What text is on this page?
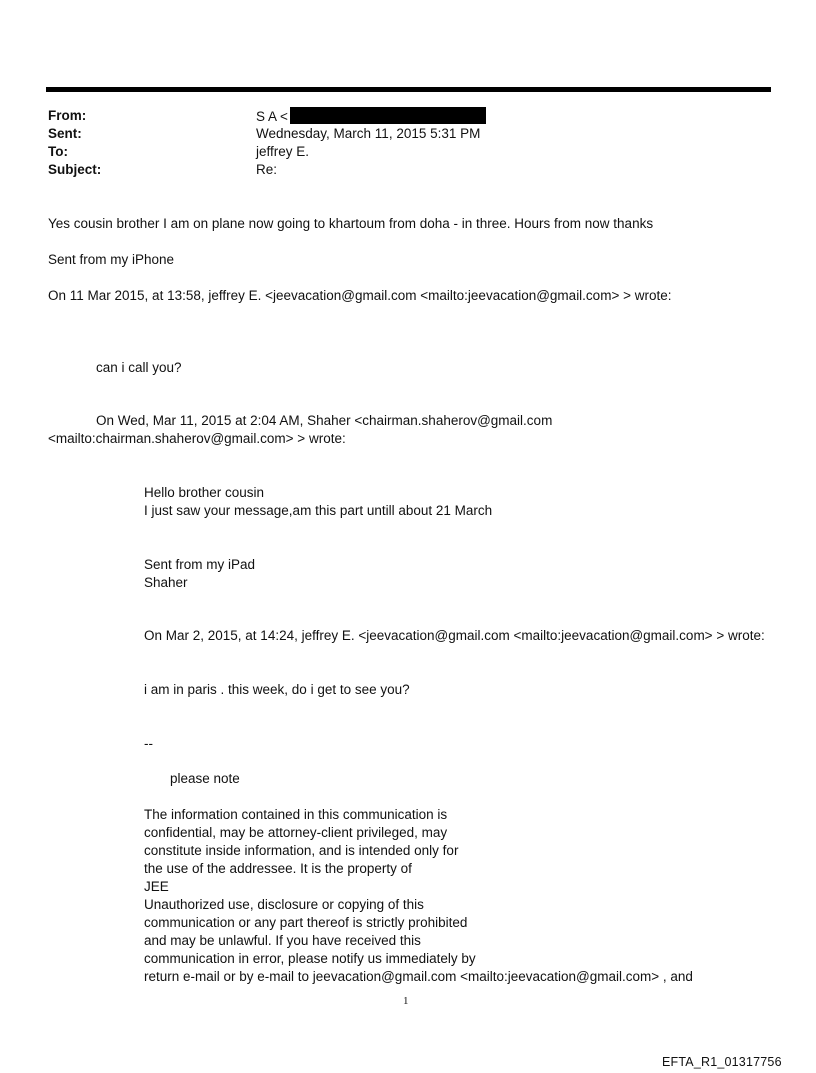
From:	S A <
Sent:	Wednesday, March 11, 2015 5:31 PM
To:	jeffrey E.
Subject:	Re:
Yes cousin brother I am on plane now going to khartoum from doha - in three. Hours from now thanks
Sent from my iPhone
On 11 Mar 2015, at 13:58, jeffrey E. <jeevacation@gmail.com <mailto:jeevacation@gmail.com> > wrote:
can i call you?
On Wed, Mar 11, 2015 at 2:04 AM, Shaher <chairman.shaherov@gmail.com
<mailto:chairman.shaherov@gmail.com> > wrote:
Hello brother cousin
I just saw your message,am this part untill about 21 March
Sent from my iPad
Shaher
On Mar 2, 2015, at 14:24, jeffrey E. <jeevacation@gmail.com <mailto:jeevacation@gmail.com> > wrote:
i am in paris . this week, do i get to see you?
--
please note
The information contained in this communication is
confidential, may be attorney-client privileged, may
constitute inside information, and is intended only for
the use of the addressee. It is the property of
JEE
Unauthorized use, disclosure or copying of this
communication or any part thereof is strictly prohibited
and may be unlawful. If you have received this
communication in error, please notify us immediately by
return e-mail or by e-mail to jeevacation@gmail.com <mailto:jeevacation@gmail.com> , and
1
EFTA_R1_01317756
